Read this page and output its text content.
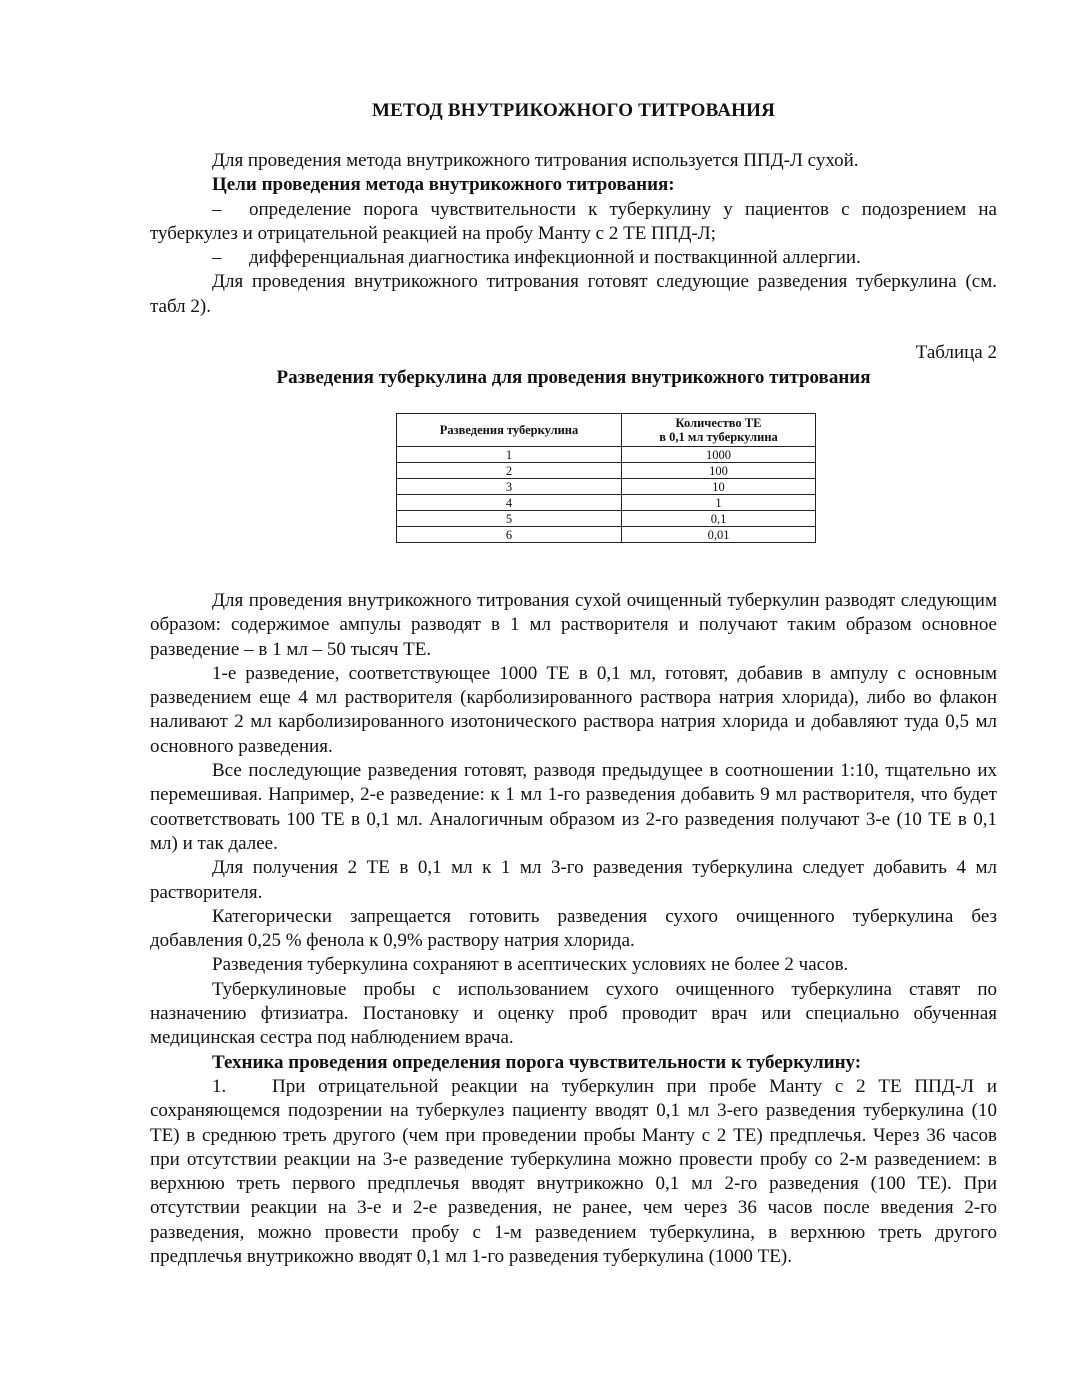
МЕТОД ВНУТРИКОЖНОГО ТИТРОВАНИЯ

Для проведения метода внутрикожного титрования используется ППД-Л сухой.

Цели проведения метода внутрикожного титрования:

– определение порога чувствительности к туберкулину у пациентов с подозрением на туберкулез и отрицательной реакцией на пробу Манту с 2 ТЕ ППД-Л;

– дифференциальная диагностика инфекционной и поствакцинной аллергии.

Для проведения внутрикожного титрования готовят следующие разведения туберкулина (см. табл 2).

Таблица 2
Разведения туберкулина для проведения внутрикожного титрования
Разведения туберкулина	Количество ТЕ
в 0,1 мл туберкулина
1	1000
2	100
3	10
4	1
5	0,1
6	0,01

Для проведения внутрикожного титрования сухой очищенный туберкулин разводят следующим образом: содержимое ампулы разводят в 1 мл растворителя и получают таким образом основное разведение – в 1 мл – 50 тысяч ТЕ.

1-е разведение, соответствующее 1000 ТЕ в 0,1 мл, готовят, добавив в ампулу с основным разведением еще 4 мл растворителя (карболизированного раствора натрия хлорида), либо во флакон наливают 2 мл карболизированного изотонического раствора натрия хлорида и добавляют туда 0,5 мл основного разведения.

Все последующие разведения готовят, разводя предыдущее в соотношении 1:10, тщательно их перемешивая. Например, 2-е разведение: к 1 мл 1-го разведения добавить 9 мл растворителя, что будет соответствовать 100 ТЕ в 0,1 мл. Аналогичным образом из 2-го разведения получают 3-е (10 ТЕ в 0,1 мл) и так далее.

Для получения 2 ТЕ в 0,1 мл к 1 мл 3-го разведения туберкулина следует добавить 4 мл растворителя.

Категорически запрещается готовить разведения сухого очищенного туберкулина без добавления 0,25 % фенола к 0,9% раствору натрия хлорида.

Разведения туберкулина сохраняют в асептических условиях не более 2 часов.

Туберкулиновые пробы с использованием сухого очищенного туберкулина ставят по назначению фтизиатра. Постановку и оценку проб проводит врач или специально обученная медицинская сестра под наблюдением врача.

Техника проведения определения порога чувствительности к туберкулину:

1. При отрицательной реакции на туберкулин при пробе Манту с 2 ТЕ ППД-Л и сохраняющемся подозрении на туберкулез пациенту вводят 0,1 мл 3-его разведения туберкулина (10 ТЕ) в среднюю треть другого (чем при проведении пробы Манту с 2 ТЕ) предплечья. Через 36 часов при отсутствии реакции на 3-е разведение туберкулина можно провести пробу со 2-м разведением: в верхнюю треть первого предплечья вводят внутрикожно 0,1 мл 2-го разведения (100 ТЕ). При отсутствии реакции на 3-е и 2-е разведения, не ранее, чем через 36 часов после введения 2-го разведения, можно провести пробу с 1-м разведением туберкулина, в верхнюю треть другого предплечья внутрикожно вводят 0,1 мл 1-го разведения туберкулина (1000 ТЕ).
